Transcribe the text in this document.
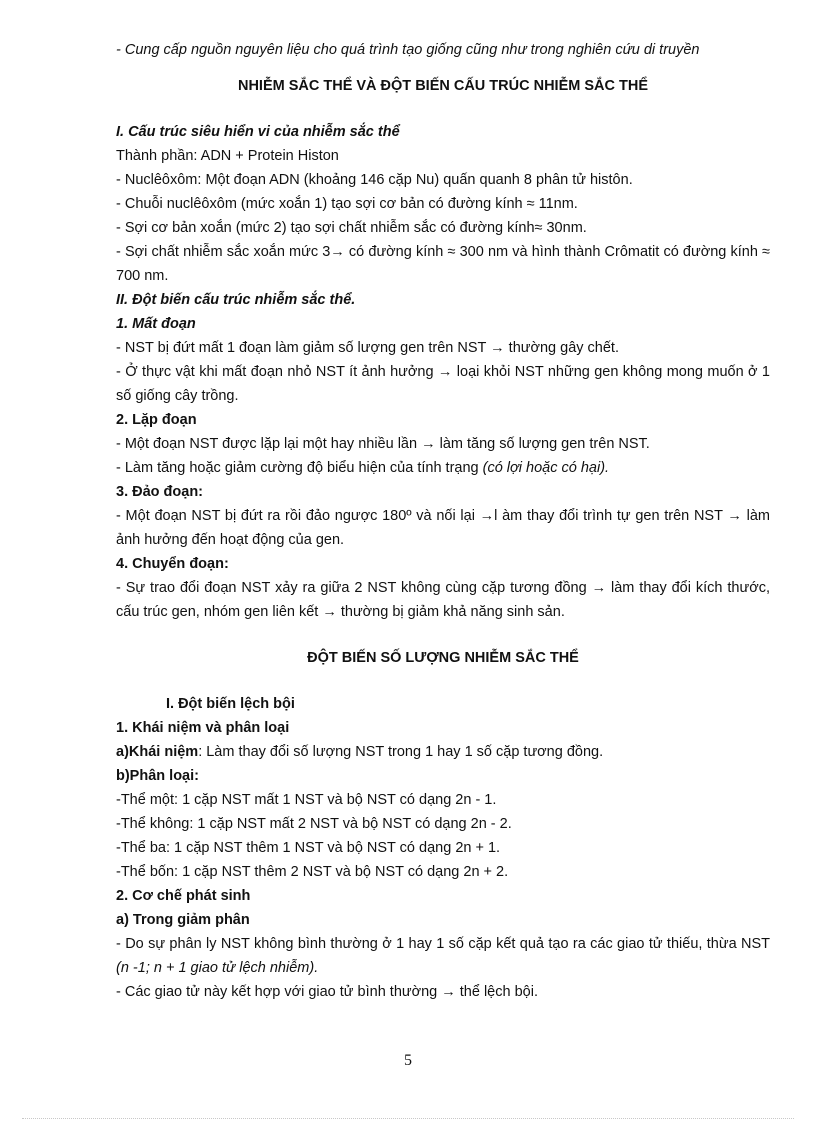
- Cung cấp nguồn nguyên liệu cho quá trình tạo giống cũng như trong nghiên cứu di truyền

NHIỄM SẮC THỂ VÀ ĐỘT BIẾN CẤU TRÚC NHIỄM SẮC THỂ

I. Cấu trúc siêu hiển vi của nhiễm sắc thể

Thành phần: ADN + Protein Histon

- Nuclêôxôm: Một đoạn ADN (khoảng 146 cặp Nu) quấn quanh 8 phân tử histôn.

- Chuỗi nuclêôxôm (mức xoắn 1) tạo sợi cơ bản có đường kính ≈ 11nm.

- Sợi cơ bản xoắn (mức 2) tạo sợi chất nhiễm sắc có đường kính≈ 30nm.

- Sợi chất nhiễm sắc xoắn mức 3→ có đường kính ≈ 300 nm và hình thành Crômatit có đường kính ≈ 700 nm.

II. Đột biến cấu trúc nhiễm sắc thể.

1. Mất đoạn

- NST bị đứt mất 1 đoạn làm giảm số lượng gen trên NST → thường gây chết.

- Ở thực vật khi mất đoạn nhỏ NST ít ảnh hưởng → loại khỏi NST những gen không mong muốn ở 1 số giống cây trồng.

2. Lặp đoạn

- Một đoạn NST được lặp lại một hay nhiều lần → làm tăng số lượng gen trên NST.

- Làm tăng hoặc giảm cường độ biểu hiện của tính trạng (có lợi hoặc có hại).

3. Đảo đoạn:

- Một đoạn NST bị đứt ra rồi đảo ngược 180º và nối lại →l àm thay đổi trình tự gen trên NST → làm ảnh hưởng đến hoạt động của gen.

4. Chuyển đoạn:

- Sự trao đổi đoạn NST xảy ra giữa 2 NST không cùng cặp tương đồng → làm thay đổi kích thước, cấu trúc gen, nhóm gen liên kết → thường bị giảm khả năng sinh sản.

ĐỘT BIẾN SỐ LƯỢNG NHIỄM SẮC THỂ

I. Đột biến lệch bội

1. Khái niệm và phân loại

a)Khái niệm: Làm thay đổi số lượng NST trong 1 hay 1 số cặp tương đồng.

b)Phân loại:

-Thể một: 1 cặp NST mất 1 NST và bộ NST có dạng 2n - 1.

-Thể không: 1 cặp NST mất 2 NST và bộ NST có dạng 2n - 2.

-Thể ba: 1 cặp NST thêm 1 NST và bộ NST có dạng 2n + 1.

-Thể bốn: 1 cặp NST thêm 2 NST và bộ NST có dạng 2n + 2.

2. Cơ chế phát sinh

a) Trong giảm phân

- Do sự phân ly NST không bình thường ở 1 hay 1 số cặp kết quả tạo ra các giao tử thiếu, thừa NST (n -1; n + 1 giao tử lệch nhiễm).

- Các giao tử này kết hợp với giao tử bình thường → thể lệch bội.

5
